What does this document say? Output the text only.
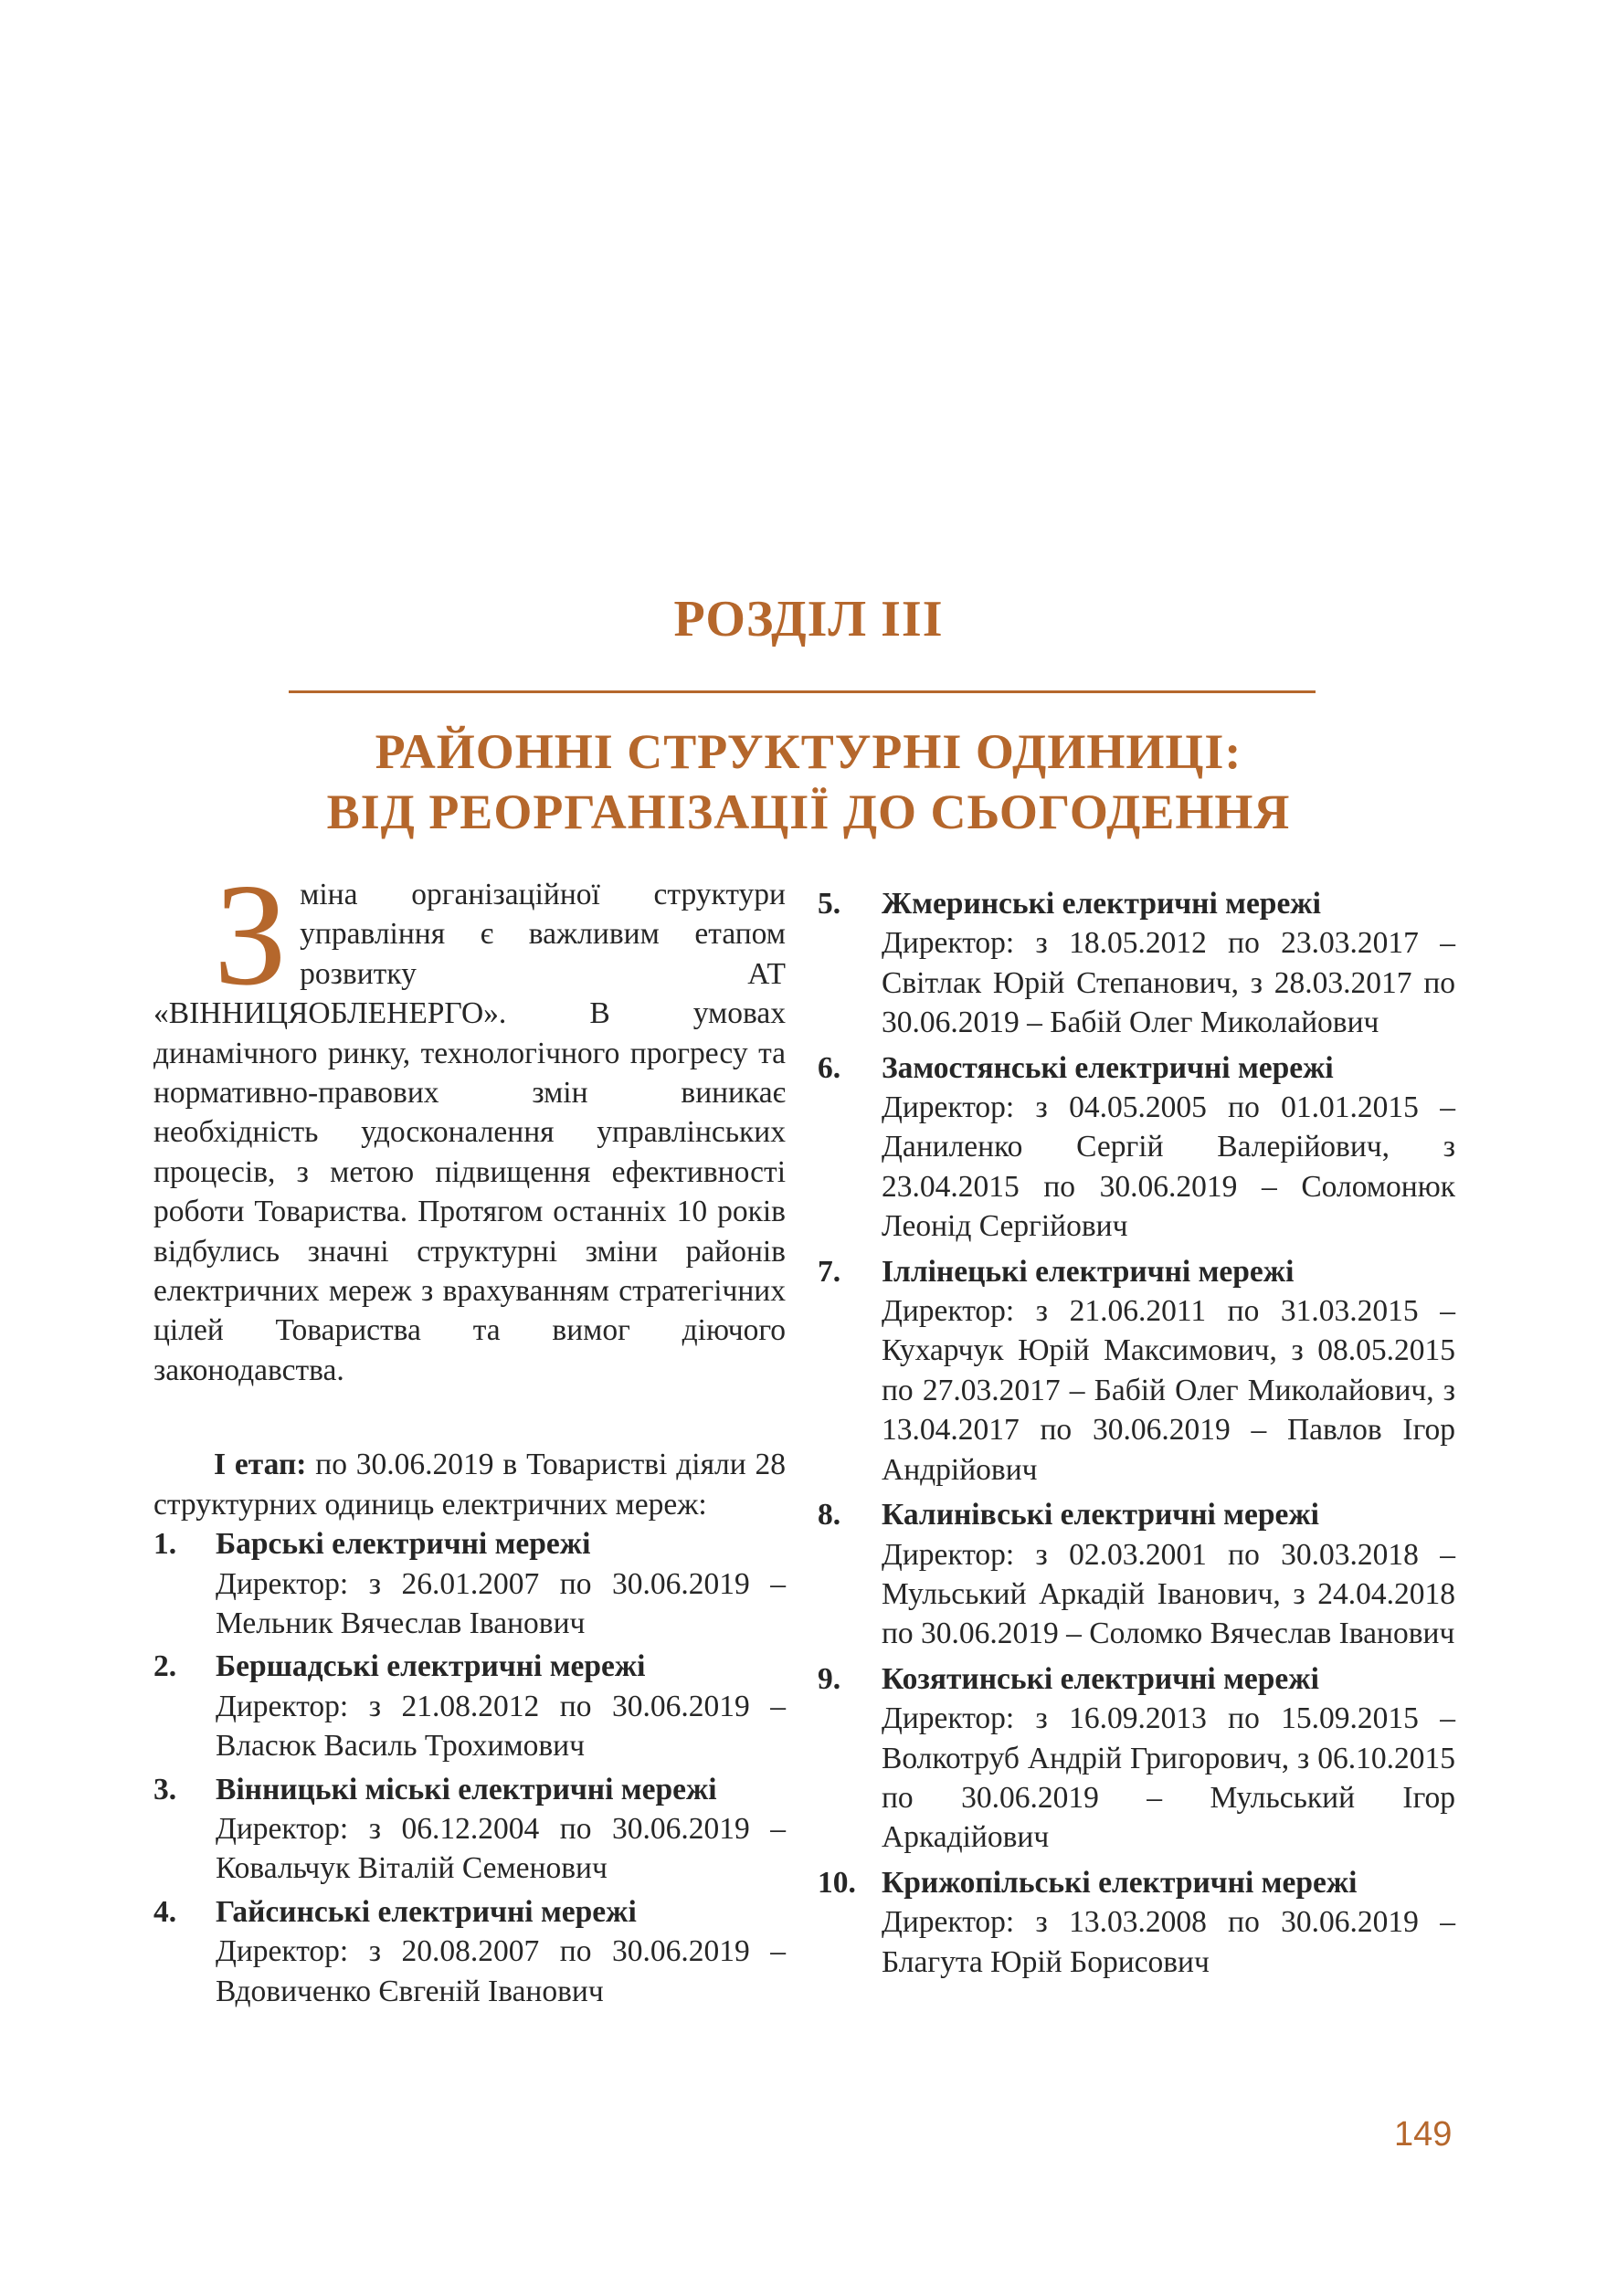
РОЗДІЛ ІІІ
РАЙОННІ СТРУКТУРНІ ОДИНИЦІ:
ВІД РЕОРГАНІЗАЦІЇ ДО СЬОГОДЕННЯ

Зміна організаційної структури управління є важливим етапом розвитку АТ «ВІННИЦЯОБЛЕНЕРГО». В умовах динамічного ринку, технологічного прогресу та нормативно-правових змін виникає необхідність удосконалення управлінських процесів, з метою підвищення ефективності роботи Товариства. Протягом останніх 10 років відбулись значні структурні зміни районів електричних мереж з врахуванням стратегічних цілей Товариства та вимог діючого законодавства.

І етап: по 30.06.2019 в Товаристві діяли 28 структурних одиниць електричних мереж:

1. Барські електричні мережі
Директор: з 26.01.2007 по 30.06.2019 – Мельник Вячеслав Іванович
2. Бершадські електричні мережі
Директор: з 21.08.2012 по 30.06.2019 – Власюк Василь Трохимович
3. Вінницькі міські електричні мережі
Директор: з 06.12.2004 по 30.06.2019 – Ковальчук Віталій Семенович
4. Гайсинські електричні мережі
Директор: з 20.08.2007 по 30.06.2019 – Вдовиченко Євгеній Іванович
5. Жмеринські електричні мережі
Директор: з 18.05.2012 по 23.03.2017 – Світлак Юрій Степанович, з 28.03.2017 по 30.06.2019 – Бабій Олег Миколайович
6. Замостянські електричні мережі
Директор: з 04.05.2005 по 01.01.2015 – Даниленко Сергій Валерійович, з 23.04.2015 по 30.06.2019 – Соломонюк Леонід Сергійович
7. Іллінецькі електричні мережі
Директор: з 21.06.2011 по 31.03.2015 – Кухарчук Юрій Максимович, з 08.05.2015 по 27.03.2017 – Бабій Олег Миколайович, з 13.04.2017 по 30.06.2019 – Павлов Ігор Андрійович
8. Калинівські електричні мережі
Директор: з 02.03.2001 по 30.03.2018 – Мульський Аркадій Іванович, з 24.04.2018 по 30.06.2019 – Соломко Вячеслав Іванович
9. Козятинські електричні мережі
Директор: з 16.09.2013 по 15.09.2015 – Волкотруб Андрій Григорович, з 06.10.2015 по 30.06.2019 – Мульський Ігор Аркадійович
10. Крижопільські електричні мережі
Директор: з 13.03.2008 по 30.06.2019 – Благута Юрій Борисович
149
